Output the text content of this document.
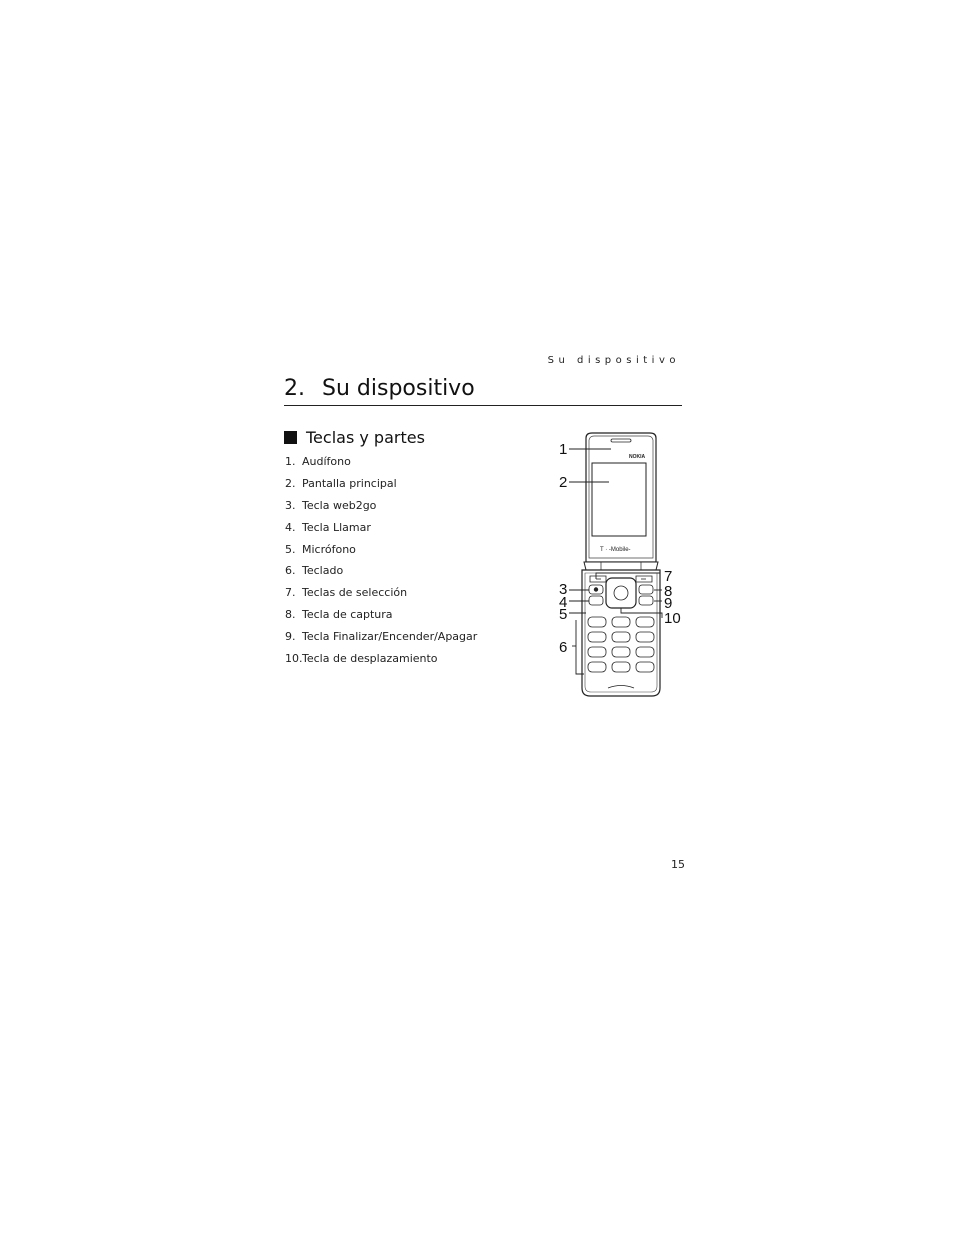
Su dispositivo
2. Su dispositivo
Teclas y partes
1. Audífono
2. Pantalla principal
3. Tecla web2go
4. Tecla Llamar
5. Micrófono
6. Teclado
7. Teclas de selección
8. Tecla de captura
9. Tecla Finalizar/Encender/Apagar
10. Tecla de desplazamiento
NOKIA
T · -Mobile-
1
2
3
4
5
6
7
8
9
10
15
